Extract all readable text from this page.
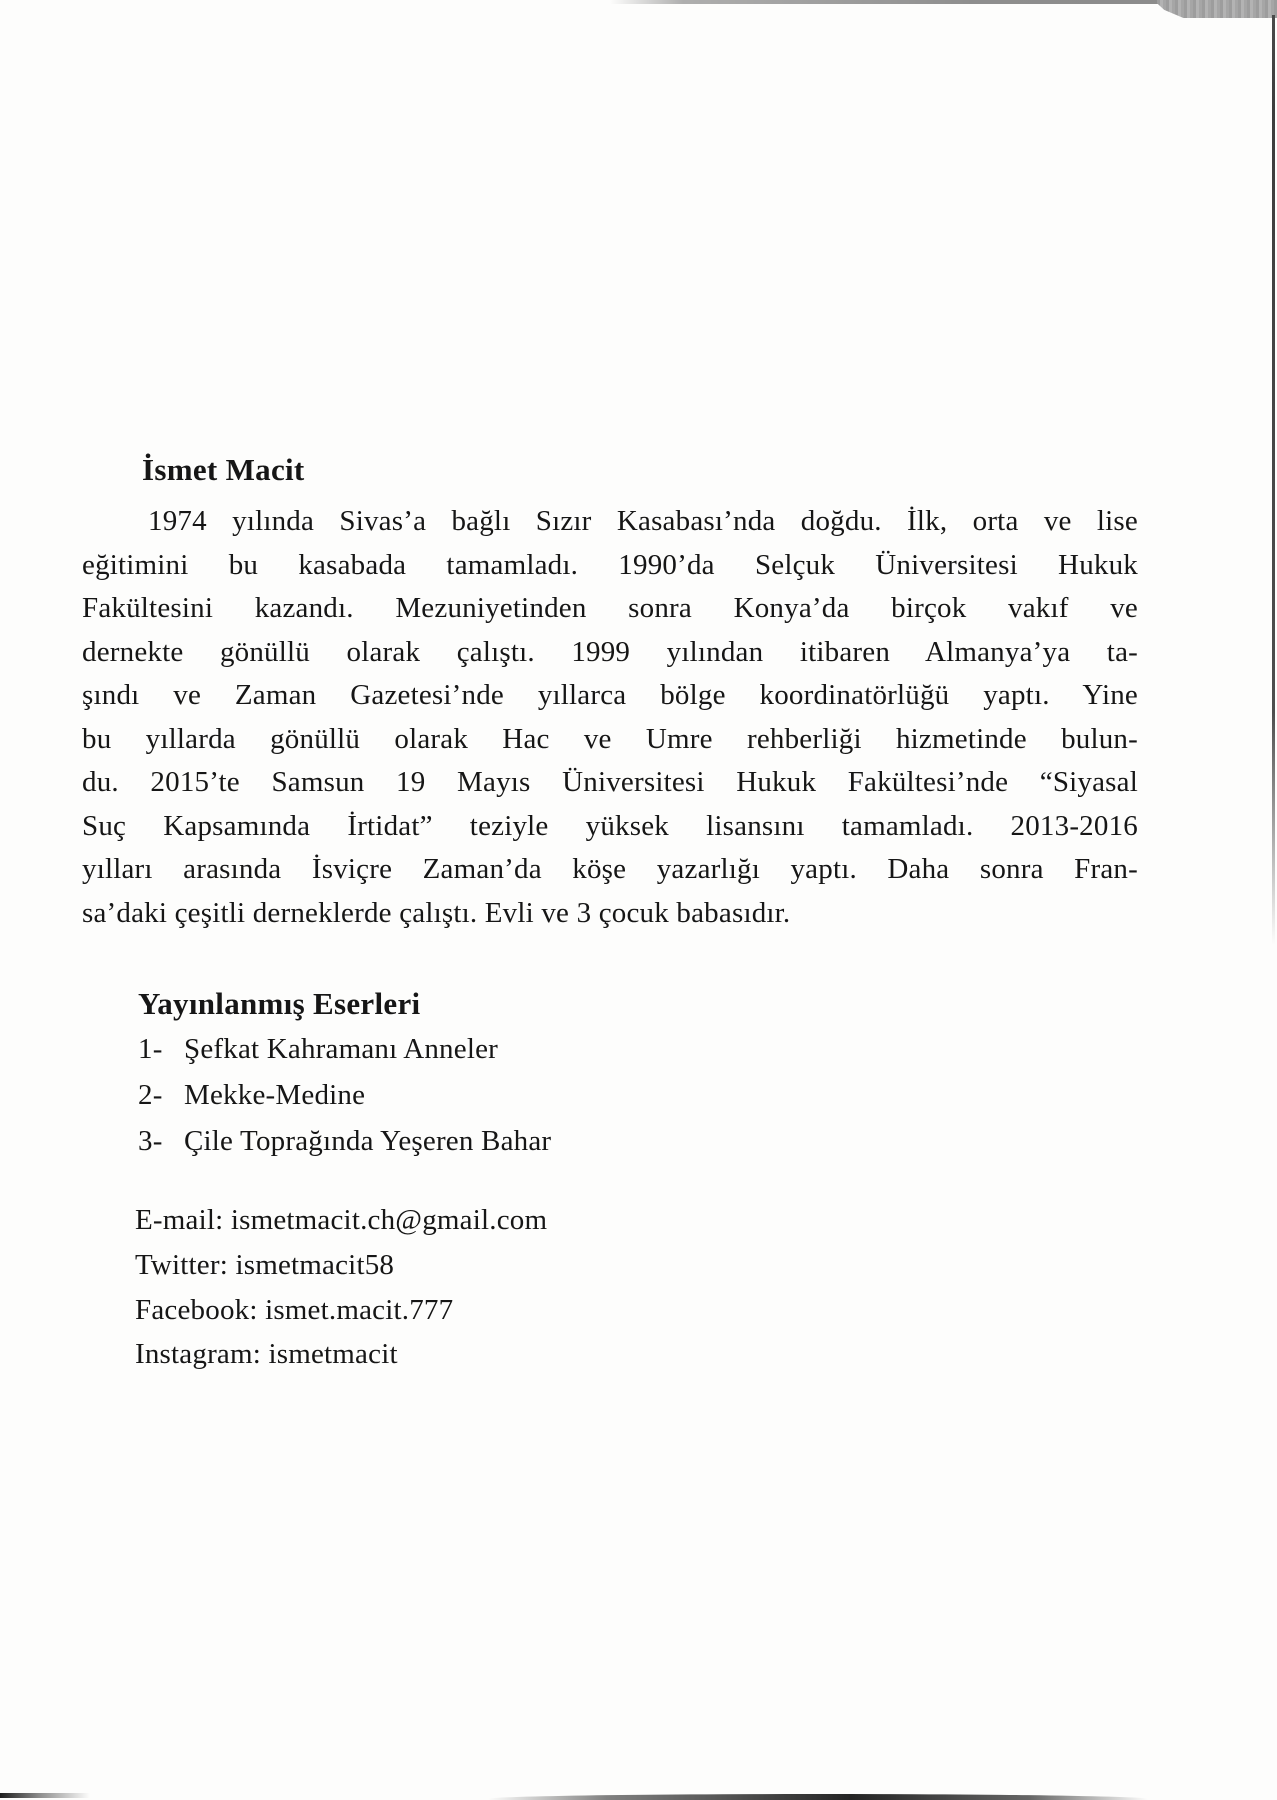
İsmet Macit
1974 yılında Sivas’a bağlı Sızır Kasabası’nda doğdu. İlk, orta ve lise
eğitimini bu kasabada tamamladı. 1990’da Selçuk Üniversitesi Hukuk
Fakültesini kazandı. Mezuniyetinden sonra Konya’da birçok vakıf ve
dernekte gönüllü olarak çalıştı. 1999 yılından itibaren Almanya’ya ta-
şındı ve Zaman Gazetesi’nde yıllarca bölge koordinatörlüğü yaptı. Yine
bu yıllarda gönüllü olarak Hac ve Umre rehberliği hizmetinde bulun-
du. 2015’te Samsun 19 Mayıs Üniversitesi Hukuk Fakültesi’nde “Siyasal
Suç Kapsamında İrtidat” teziyle yüksek lisansını tamamladı. 2013-2016
yılları arasında İsviçre Zaman’da köşe yazarlığı yaptı. Daha sonra Fran-
sa’daki çeşitli derneklerde çalıştı. Evli ve 3 çocuk babasıdır.
Yayınlanmış Eserleri
1- Şefkat Kahramanı Anneler
2- Mekke-Medine
3- Çile Toprağında Yeşeren Bahar
E-mail: ismetmacit.ch@gmail.com
Twitter: ismetmacit58
Facebook: ismet.macit.777
Instagram: ismetmacit
